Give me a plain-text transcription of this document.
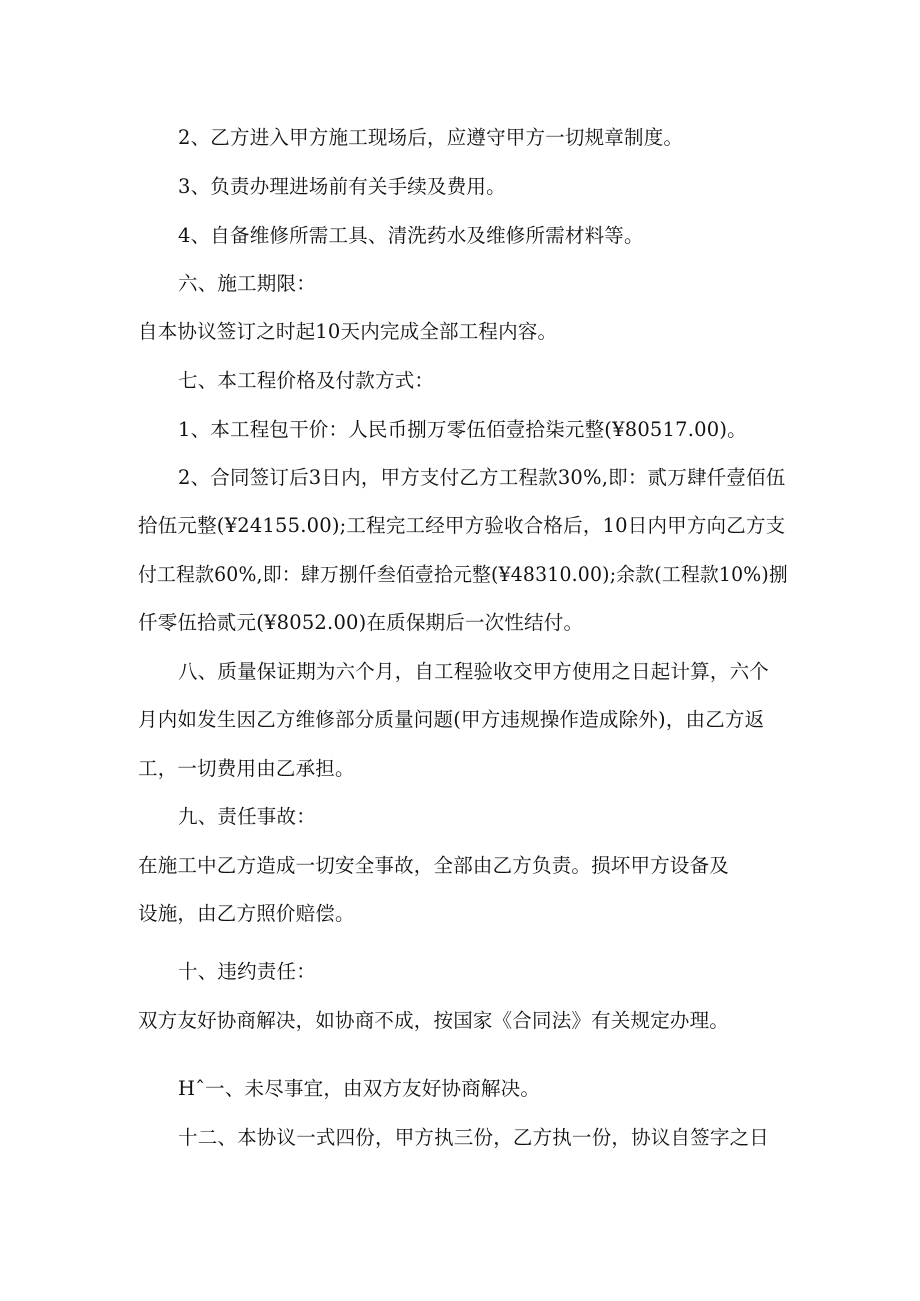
2、乙方进入甲方施工现场后，应遵守甲方一切规章制度。
3、负责办理进场前有关手续及费用。
4、自备维修所需工具、清洗药水及维修所需材料等。
六、施工期限：
自本协议签订之时起10天内完成全部工程内容。
七、本工程价格及付款方式：
1、本工程包干价：人民币捌万零伍佰壹拾柒元整(¥80517.00)。
2、合同签订后3日内，甲方支付乙方工程款30%,即：贰万肆仟壹佰伍
拾伍元整(¥24155.00);工程完工经甲方验收合格后，10日内甲方向乙方支
付工程款60%,即：肆万捌仟叁佰壹拾元整(¥48310.00);余款(工程款10%)捌
仟零伍拾贰元(¥8052.00)在质保期后一次性结付。
八、质量保证期为六个月，自工程验收交甲方使用之日起计算，六个
月内如发生因乙方维修部分质量问题(甲方违规操作造成除外)，由乙方返
工，一切费用由乙承担。
九、责任事故：
在施工中乙方造成一切安全事故，全部由乙方负责。损坏甲方设备及
设施，由乙方照价赔偿。
十、违约责任：
双方友好协商解决，如协商不成，按国家《合同法》有关规定办理。
Hˆ一、未尽事宜，由双方友好协商解决。
十二、本协议一式四份，甲方执三份，乙方执一份，协议自签字之日
